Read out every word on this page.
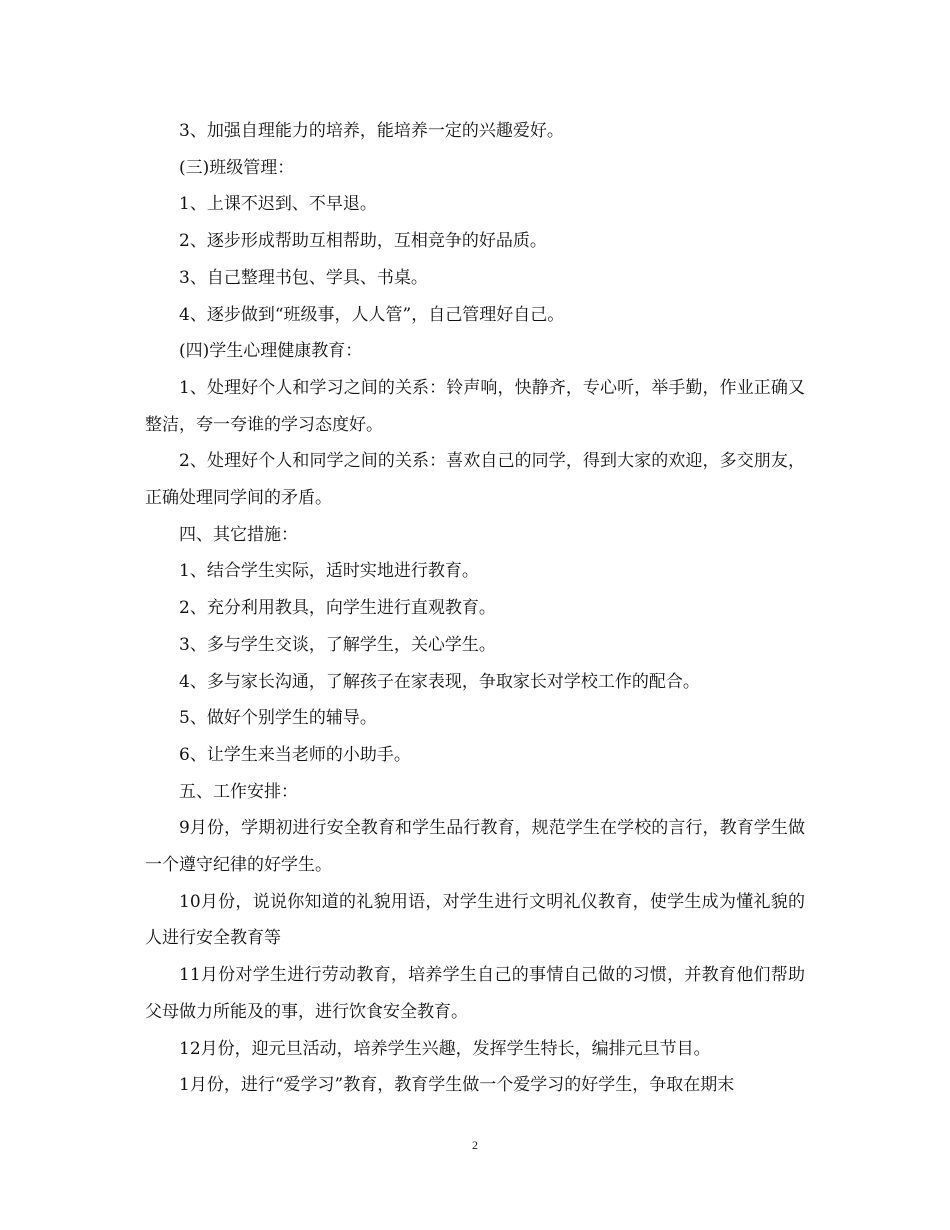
3、加强自理能力的培养，能培养一定的兴趣爱好。

(三)班级管理：

1、上课不迟到、不早退。

2、逐步形成帮助互相帮助，互相竞争的好品质。

3、自己整理书包、学具、书桌。

4、逐步做到“班级事，人人管”，自己管理好自己。

(四)学生心理健康教育：

1、处理好个人和学习之间的关系：铃声响，快静齐，专心听，举手勤，作业正确又整洁，夸一夸谁的学习态度好。

2、处理好个人和同学之间的关系：喜欢自己的同学，得到大家的欢迎，多交朋友，正确处理同学间的矛盾。

四、其它措施：

1、结合学生实际，适时实地进行教育。

2、充分利用教具，向学生进行直观教育。

3、多与学生交谈，了解学生，关心学生。

4、多与家长沟通，了解孩子在家表现，争取家长对学校工作的配合。

5、做好个别学生的辅导。

6、让学生来当老师的小助手。

五、工作安排：

9月份，学期初进行安全教育和学生品行教育，规范学生在学校的言行，教育学生做一个遵守纪律的好学生。

10月份，说说你知道的礼貌用语，对学生进行文明礼仪教育，使学生成为懂礼貌的人进行安全教育等

11月份对学生进行劳动教育，培养学生自己的事情自己做的习惯，并教育他们帮助父母做力所能及的事，进行饮食安全教育。

12月份，迎元旦活动，培养学生兴趣，发挥学生特长，编排元旦节目。

1月份，进行“爱学习”教育，教育学生做一个爱学习的好学生，争取在期末

2
